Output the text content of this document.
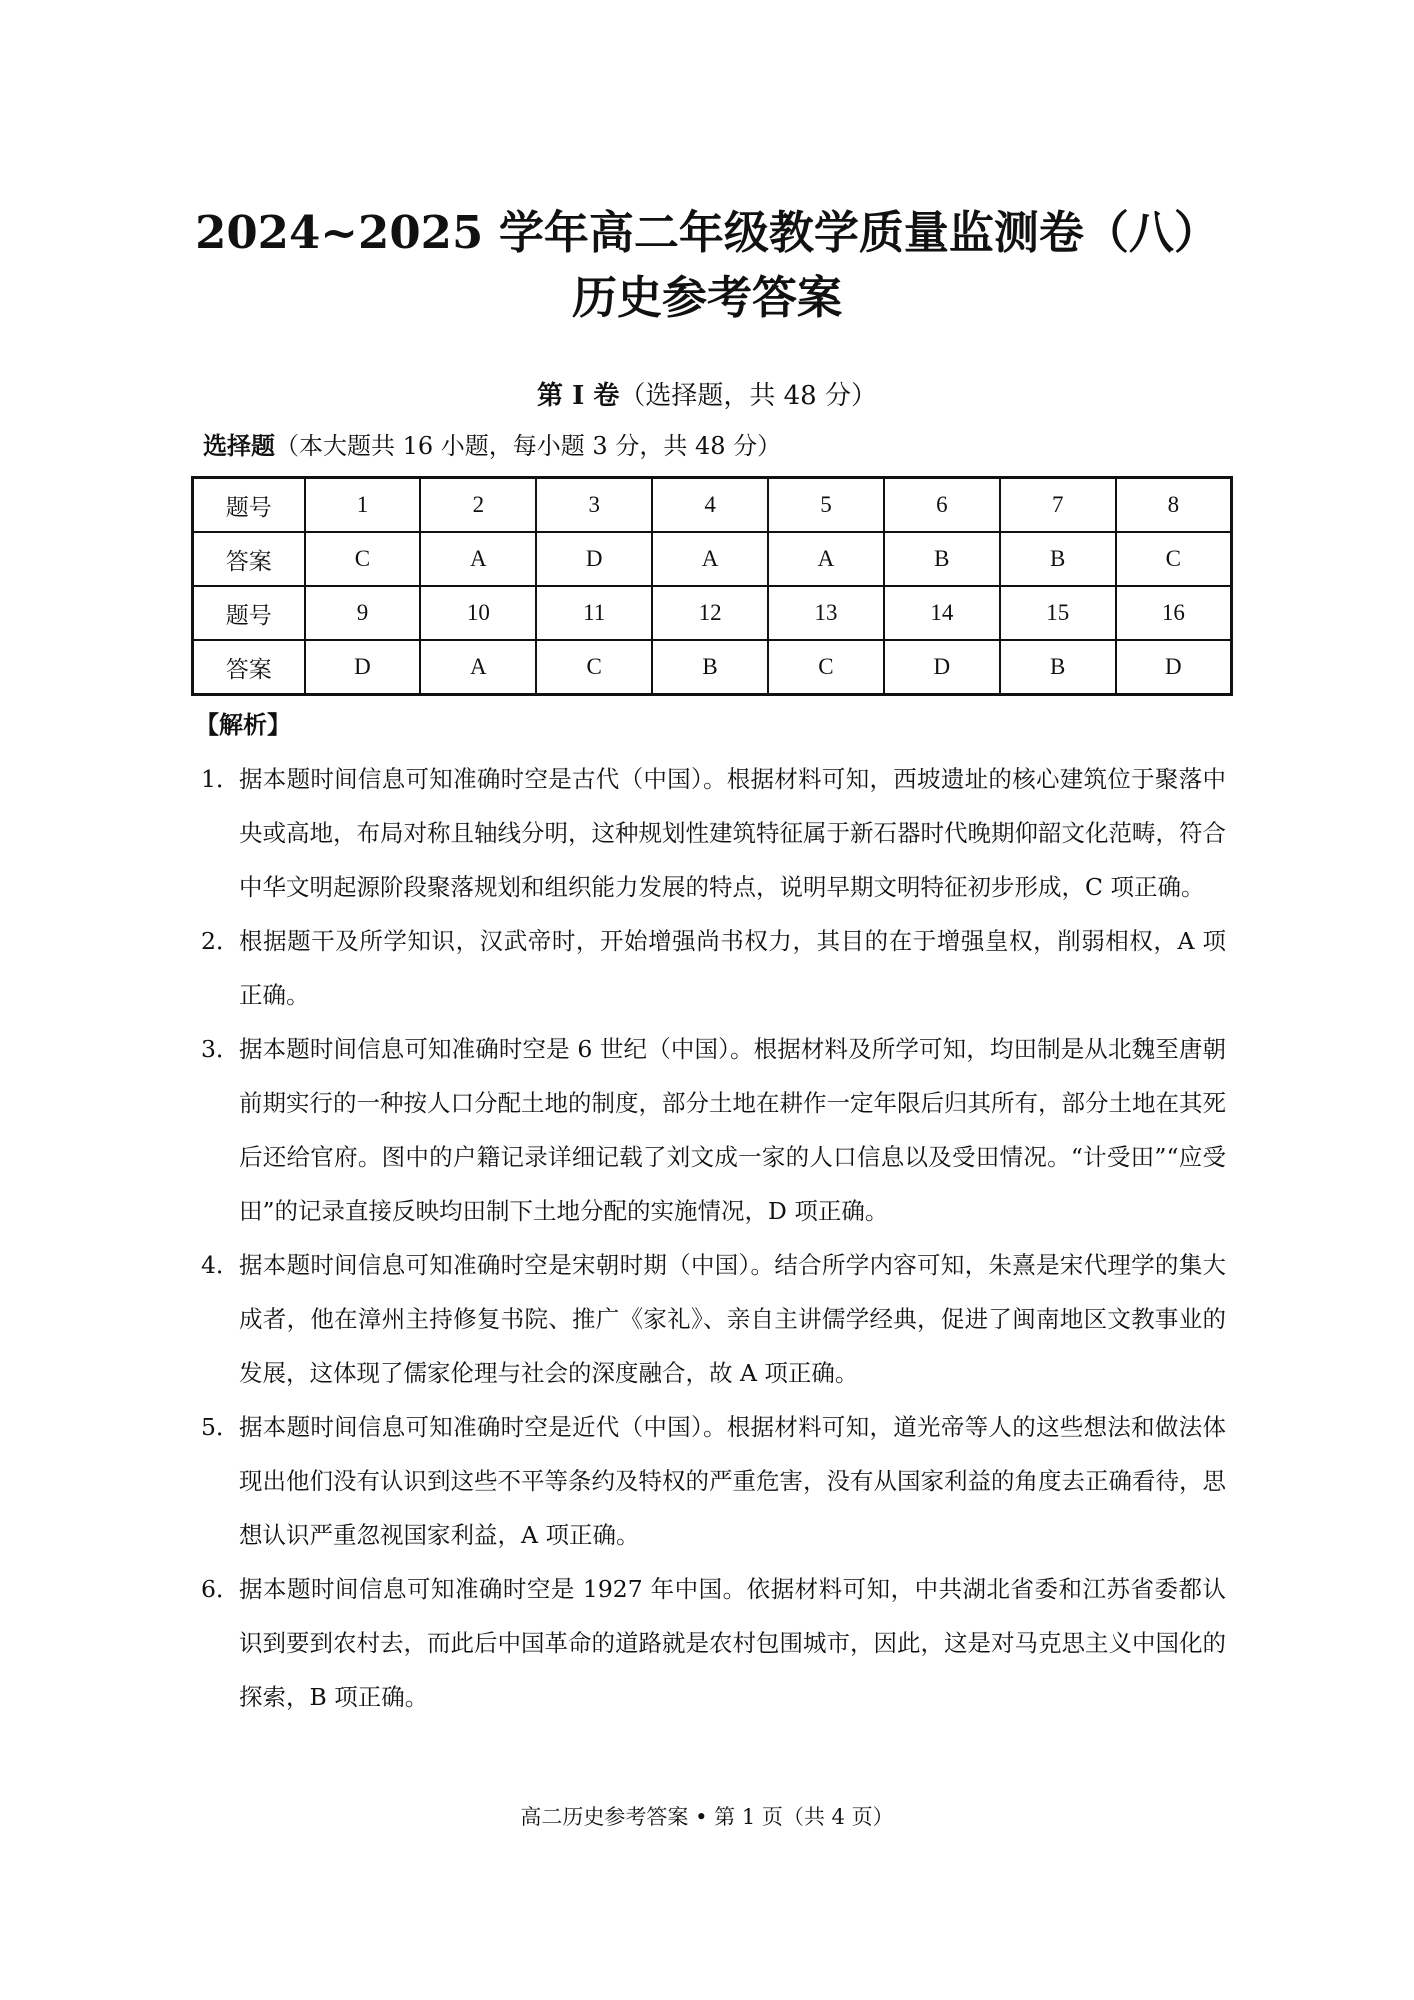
2024~2025 学年高二年级教学质量监测卷（八）
历史参考答案
第 I 卷（选择题，共 48 分）
选择题（本大题共 16 小题，每小题 3 分，共 48 分）
题号	1	2	3	4	5	6	7	8
答案	C	A	D	A	A	B	B	C
题号	9	10	11	12	13	14	15	16
答案	D	A	C	B	C	D	B	D
【解析】
1． 据本题时间信息可知准确时空是古代（中国）。根据材料可知，西坡遗址的核心建筑位于聚落中央或高地，布局对称且轴线分明，这种规划性建筑特征属于新石器时代晚期仰韶文化范畴，符合中华文明起源阶段聚落规划和组织能力发展的特点，说明早期文明特征初步形成，C 项正确。
2． 根据题干及所学知识，汉武帝时，开始增强尚书权力，其目的在于增强皇权，削弱相权，A 项正确。
3． 据本题时间信息可知准确时空是 6 世纪（中国）。根据材料及所学可知，均田制是从北魏至唐朝前期实行的一种按人口分配土地的制度，部分土地在耕作一定年限后归其所有，部分土地在其死后还给官府。图中的户籍记录详细记载了刘文成一家的人口信息以及受田情况。“计受田”“应受田”的记录直接反映均田制下土地分配的实施情况，D 项正确。
4． 据本题时间信息可知准确时空是宋朝时期（中国）。结合所学内容可知，朱熹是宋代理学的集大成者，他在漳州主持修复书院、推广《家礼》、亲自主讲儒学经典，促进了闽南地区文教事业的发展，这体现了儒家伦理与社会的深度融合，故 A 项正确。
5． 据本题时间信息可知准确时空是近代（中国）。根据材料可知，道光帝等人的这些想法和做法体现出他们没有认识到这些不平等条约及特权的严重危害，没有从国家利益的角度去正确看待，思想认识严重忽视国家利益，A 项正确。
6． 据本题时间信息可知准确时空是 1927 年中国。依据材料可知，中共湖北省委和江苏省委都认识到要到农村去，而此后中国革命的道路就是农村包围城市，因此，这是对马克思主义中国化的探索，B 项正确。
高二历史参考答案 • 第 1 页（共 4 页）
